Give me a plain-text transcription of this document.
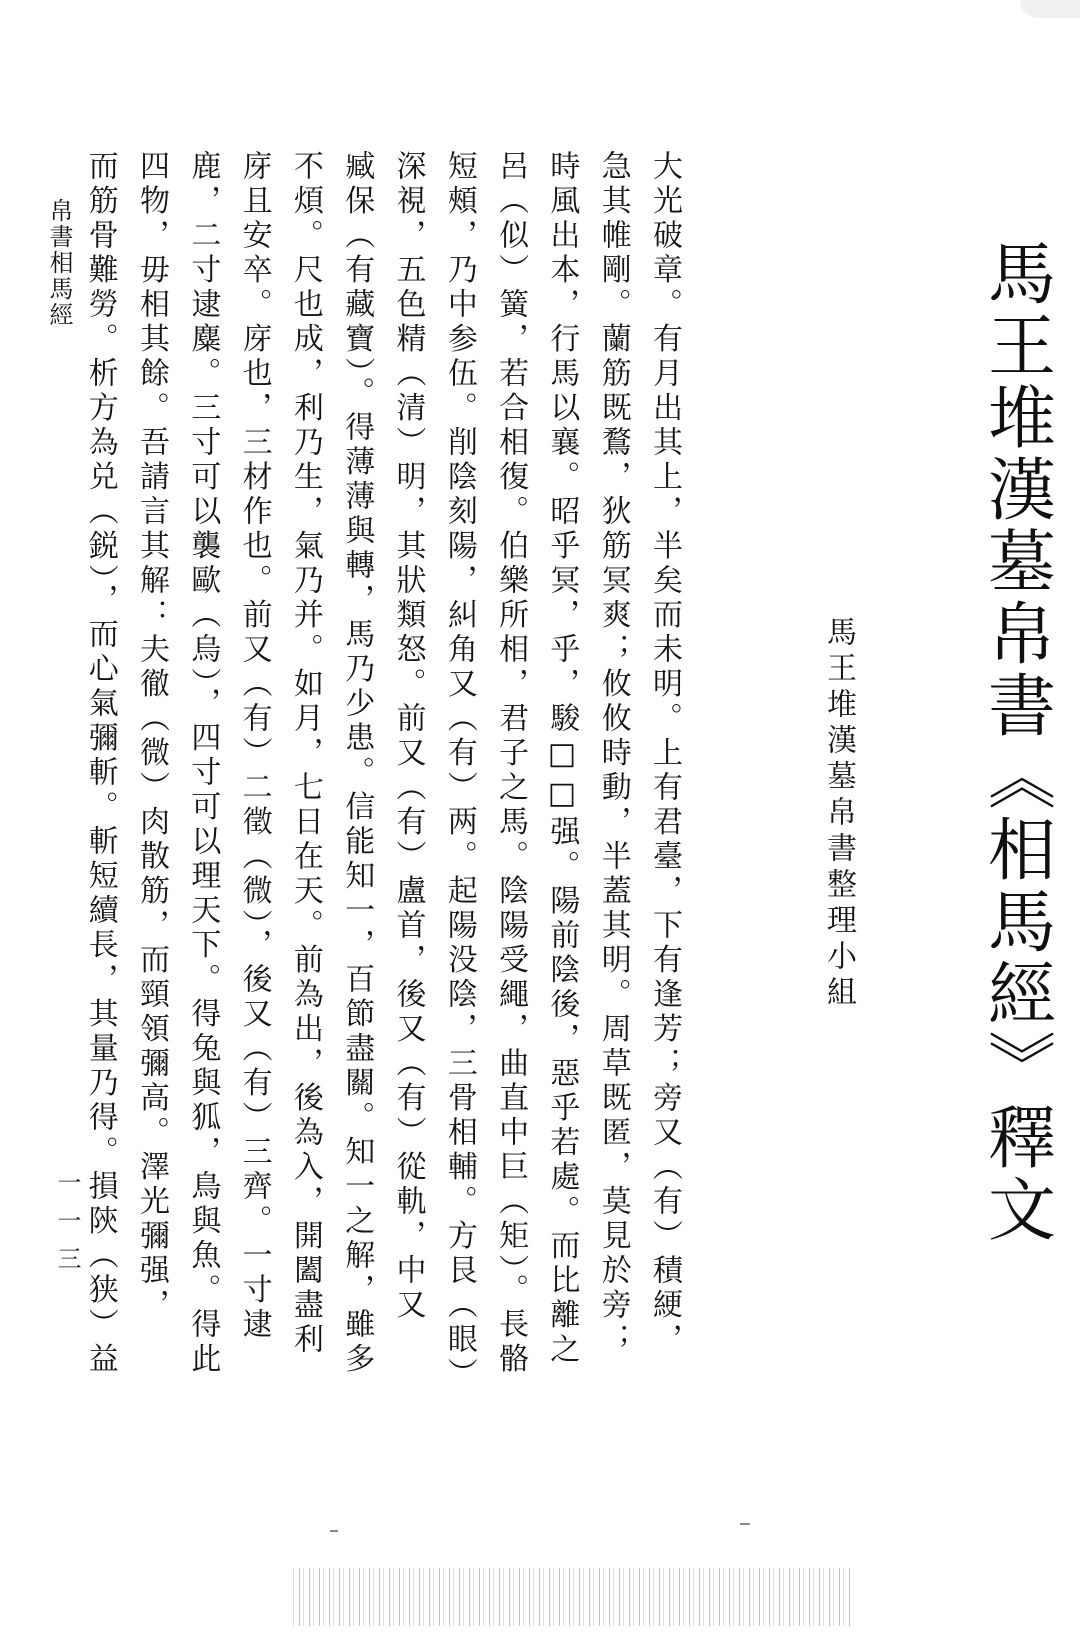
馬王堆漢墓帛書《相馬經》釋文
馬王堆漢墓帛書整理小組
大光破章。有月出其上，半矣而未明。上有君臺，下有逢芳；旁又（有）積綆，
急其帷剛。蘭筋既鶩，狄筋冥爽；攸攸時動，半蓋其明。周草既匿，莫見於旁；
時風出本，行馬以襄。昭乎冥，乎，駿□□强。陽前陰後，惡乎若處。而比離之
呂（似）簧，若合相復。伯樂所相，君子之馬。陰陽受繩，曲直中巨（矩）。長骼
短頰，乃中参伍。削陰刻陽，糾角又（有）两。起陽没陰，三骨相輔。方艮（眼）
深視，五色精（清）明，其狀類怒。前又（有）盧首，後又（有）從軌，中又
臧保（有藏寶）。得薄薄與轉，馬乃少患。信能知一，百節盡關。知一之解，雖多
不煩。尺也成，利乃生，氣乃并。如月，七日在天。前為出，後為入，開闔盡利
庌且安卒。庌也，三材作也。前又（有）二徵（微），後又（有）三齊。一寸逮
鹿，二寸逮麋。三寸可以襲歐（烏），四寸可以理天下。得兔與狐，鳥與魚。得此
四物，毋相其餘。吾請言其解：夫徹（微）肉散筋，而頸領彌高。澤光彌强，
而筋骨難勞。析方為兑（鋭），而心氣彌斬。斬短續長，其量乃得。損陝（狭）益
帛書相馬經
一一三
